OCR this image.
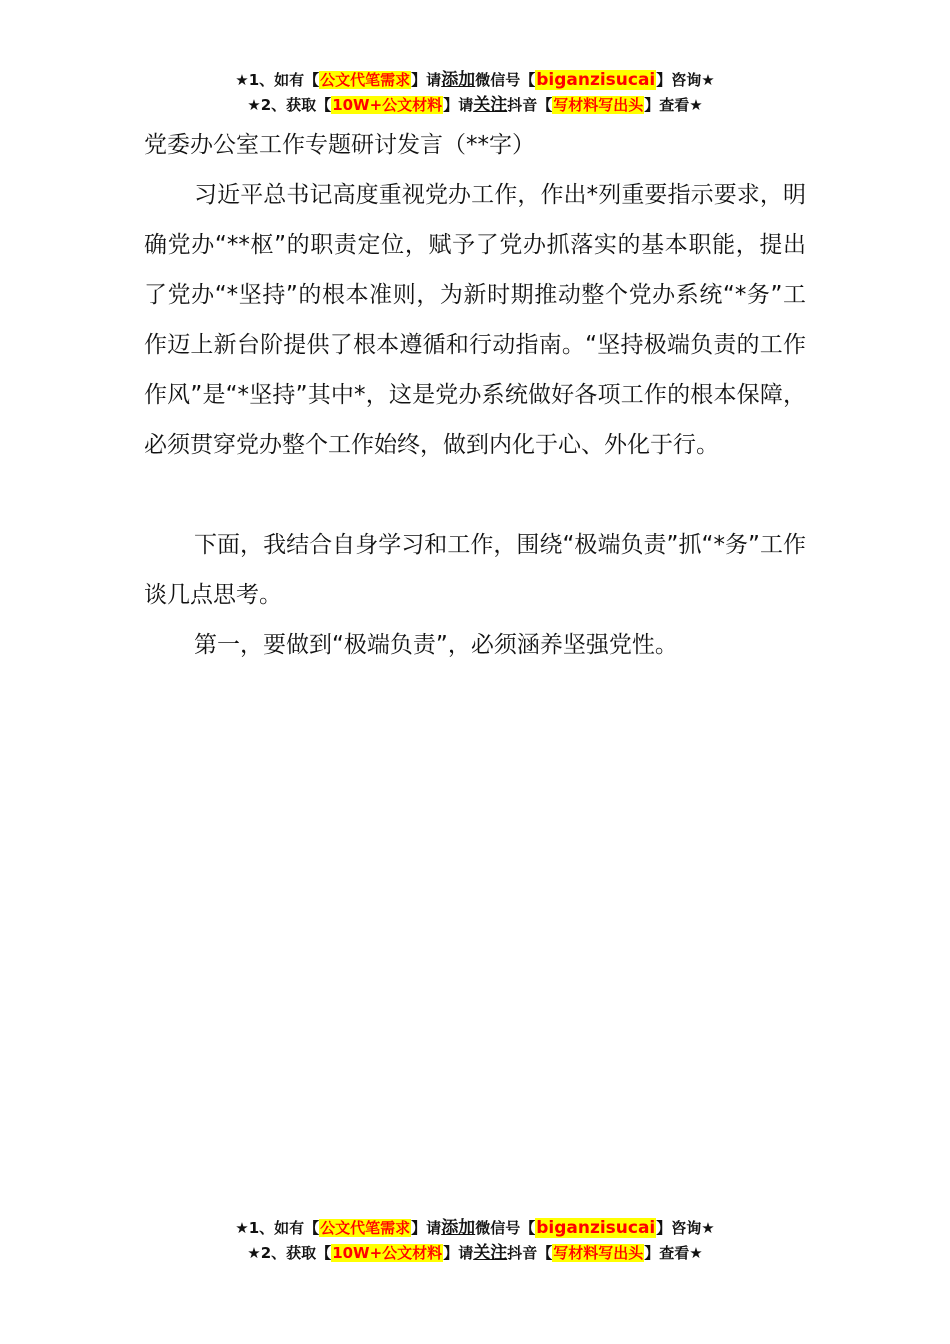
★1、如有【公文代笔需求】请添加微信号【biganzisucai】咨询★
★2、获取【10W+公文材料】请关注抖音【写材料写出头】查看★
党委办公室工作专题研讨发言（**字）

习近平总书记高度重视党办工作，作出*列重要指示要求，明确党办“**枢”的职责定位，赋予了党办抓落实的基本职能，提出了党办“*坚持”的根本准则，为新时期推动整个党办系统“*务”工作迈上新台阶提供了根本遵循和行动指南。“坚持极端负责的工作作风”是“*坚持”其中*，这是党办系统做好各项工作的根本保障，必须贯穿党办整个工作始终，做到内化于心、外化于行。

下面，我结合自身学习和工作，围绕“极端负责”抓“*务”工作谈几点思考。

第一，要做到“极端负责”，必须涵养坚强党性。

★1、如有【公文代笔需求】请添加微信号【biganzisucai】咨询★
★2、获取【10W+公文材料】请关注抖音【写材料写出头】查看★
